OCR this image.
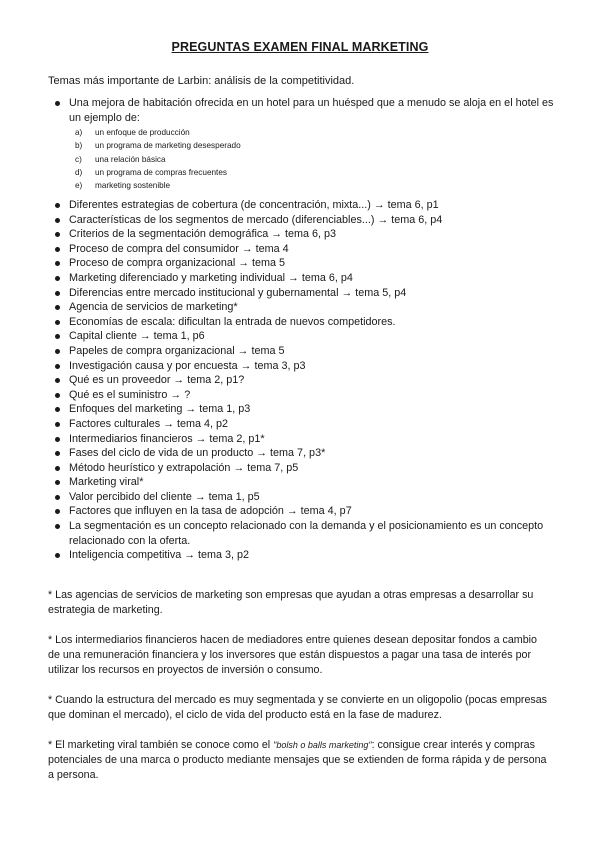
PREGUNTAS EXAMEN FINAL MARKETING
Temas más importante de Larbin: análisis de la competitividad.
Una mejora de habitación ofrecida en un hotel para un huésped que a menudo se aloja en el hotel es un ejemplo de:
a) un enfoque de producción
b) un programa de marketing desesperado
c) una relación básica
d) un programa de compras frecuentes
e) marketing sostenible
Diferentes estrategias de cobertura (de concentración, mixta...) → tema 6, p1
Características de los segmentos de mercado (diferenciables...) → tema 6, p4
Criterios de la segmentación demográfica → tema 6, p3
Proceso de compra del consumidor → tema 4
Proceso de compra organizacional → tema 5
Marketing diferenciado y marketing individual → tema 6, p4
Diferencias entre mercado institucional y gubernamental → tema 5, p4
Agencia de servicios de marketing*
Economías de escala: dificultan la entrada de nuevos competidores.
Capital cliente → tema 1, p6
Papeles de compra organizacional → tema 5
Investigación causa y por encuesta → tema 3, p3
Qué es un proveedor → tema 2, p1?
Qué es el suministro → ?
Enfoques del marketing → tema 1, p3
Factores culturales → tema 4, p2
Intermediarios financieros → tema 2, p1*
Fases del ciclo de vida de un producto → tema 7, p3*
Método heurístico y extrapolación → tema 7, p5
Marketing viral*
Valor percibido del cliente → tema 1, p5
Factores que influyen en la tasa de adopción → tema 4, p7
La segmentación es un concepto relacionado con la demanda y el posicionamiento es un concepto relacionado con la oferta.
Inteligencia competitiva → tema 3, p2

* Las agencias de servicios de marketing son empresas que ayudan a otras empresas a desarrollar su estrategia de marketing.

* Los intermediarios financieros hacen de mediadores entre quienes desean depositar fondos a cambio de una remuneración financiera y los inversores que están dispuestos a pagar una tasa de interés por utilizar los recursos en proyectos de inversión o consumo.

* Cuando la estructura del mercado es muy segmentada y se convierte en un oligopolio (pocas empresas que dominan el mercado), el ciclo de vida del producto está en la fase de madurez.

* El marketing viral también se conoce como el "bolsh o balls marketing": consigue crear interés y compras potenciales de una marca o producto mediante mensajes que se extienden de forma rápida y de persona a persona.
